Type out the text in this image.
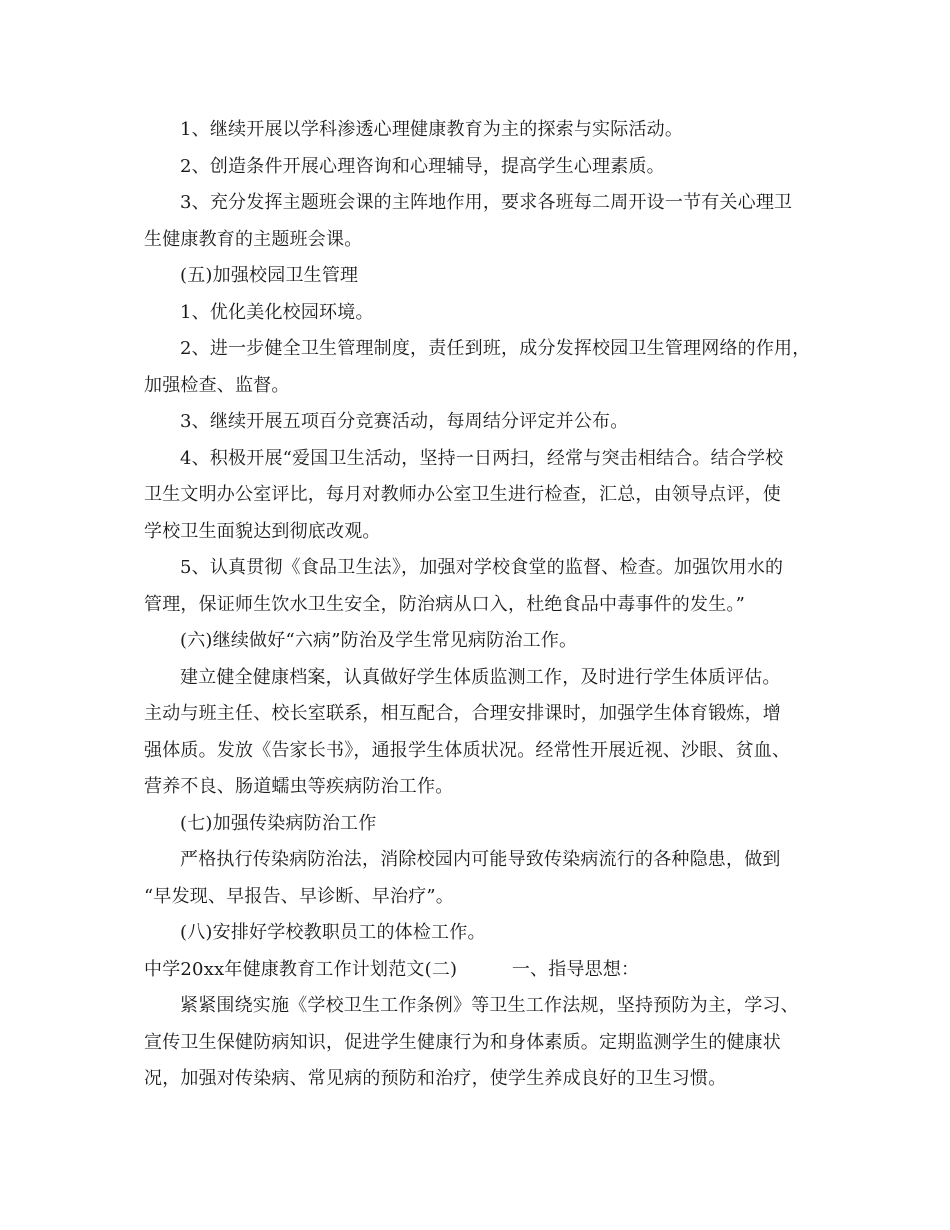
1、继续开展以学科渗透心理健康教育为主的探索与实际活动。
2、创造条件开展心理咨询和心理辅导，提高学生心理素质。
3、充分发挥主题班会课的主阵地作用，要求各班每二周开设一节有关心理卫
生健康教育的主题班会课。
(五)加强校园卫生管理
1、优化美化校园环境。
2、进一步健全卫生管理制度，责任到班，成分发挥校园卫生管理网络的作用，
加强检查、监督。
3、继续开展五项百分竞赛活动，每周结分评定并公布。
4、积极开展“爱国卫生活动，坚持一日两扫，经常与突击相结合。结合学校
卫生文明办公室评比，每月对教师办公室卫生进行检查，汇总，由领导点评，使
学校卫生面貌达到彻底改观。
5、认真贯彻《食品卫生法》，加强对学校食堂的监督、检查。加强饮用水的
管理，保证师生饮水卫生安全，防治病从口入，杜绝食品中毒事件的发生。”
(六)继续做好“六病”防治及学生常见病防治工作。
建立健全健康档案，认真做好学生体质监测工作，及时进行学生体质评估。
主动与班主任、校长室联系，相互配合，合理安排课时，加强学生体育锻炼，增
强体质。发放《告家长书》，通报学生体质状况。经常性开展近视、沙眼、贫血、
营养不良、肠道蠕虫等疾病防治工作。
(七)加强传染病防治工作
严格执行传染病防治法，消除校园内可能导致传染病流行的各种隐患，做到
“早发现、早报告、早诊断、早治疗”。
(八)安排好学校教职员工的体检工作。
中学20xx年健康教育工作计划范文(二)　　　一、指导思想：
紧紧围绕实施《学校卫生工作条例》等卫生工作法规，坚持预防为主，学习、
宣传卫生保健防病知识，促进学生健康行为和身体素质。定期监测学生的健康状
况，加强对传染病、常见病的预防和治疗，使学生养成良好的卫生习惯。
